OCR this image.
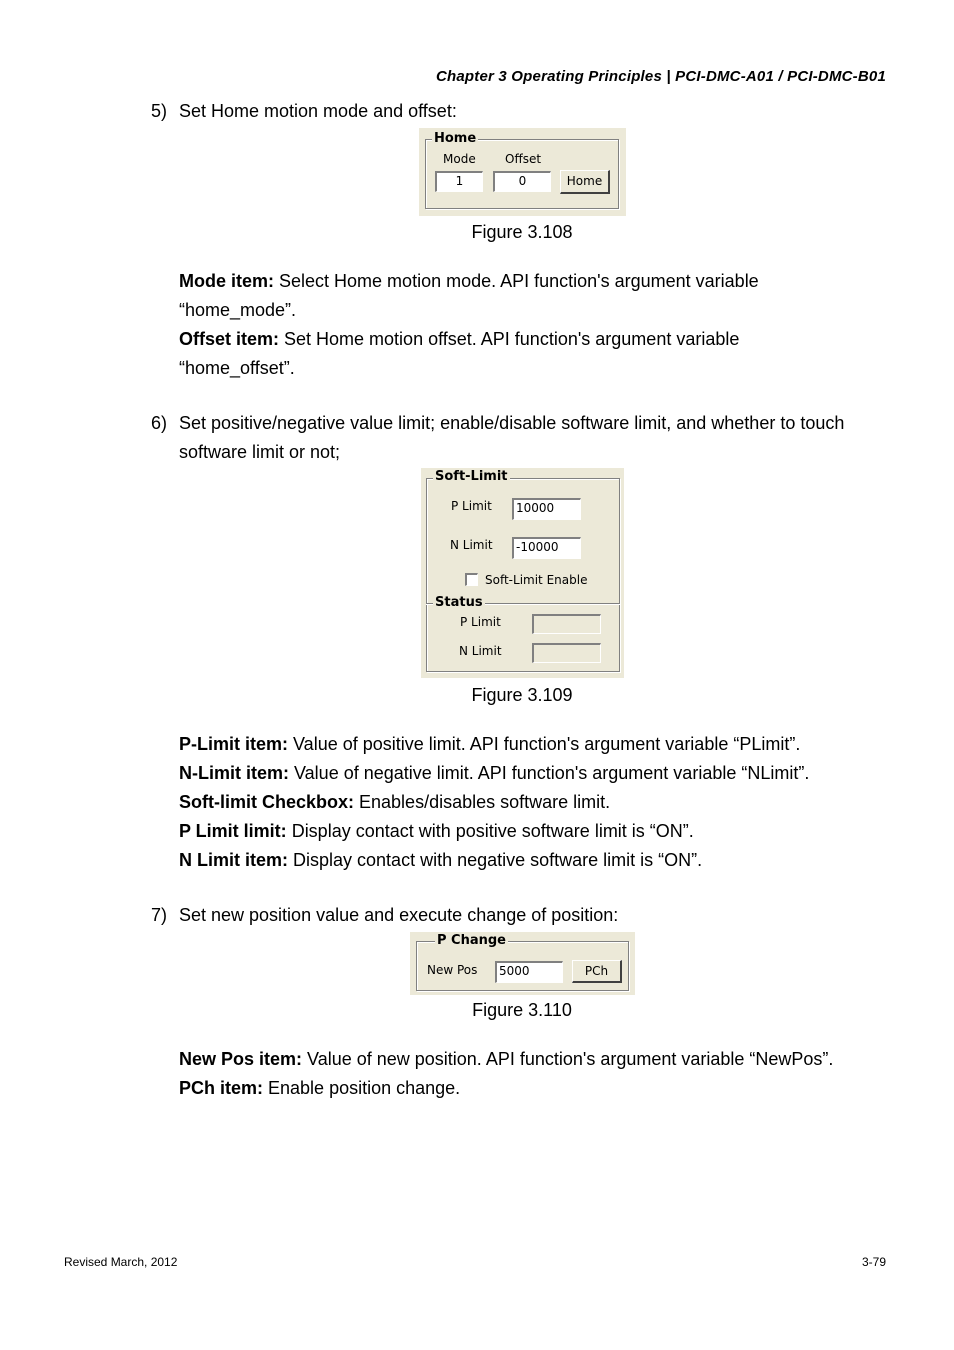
Chapter 3 Operating Principles | PCI-DMC-A01 / PCI-DMC-B01
5) Set Home motion mode and offset:
Home
Mode Offset
1	0	Home
Figure 3.108
Mode item: Select Home motion mode. API function's argument variable
“home_mode”.
Offset item: Set Home motion offset. API function's argument variable
“home_offset”.
6) Set positive/negative value limit; enable/disable software limit, and whether to touch software limit or not;
Soft-Limit
P Limit	10000
N Limit	-10000
Soft-Limit Enable
Status
P Limit
N Limit
Figure 3.109
P-Limit item: Value of positive limit. API function's argument variable “PLimit”.
N-Limit item: Value of negative limit. API function's argument variable “NLimit”.
Soft-limit Checkbox: Enables/disables software limit.
P Limit limit: Display contact with positive software limit is “ON”.
N Limit item: Display contact with negative software limit is “ON”.
7) Set new position value and execute change of position:
P Change
New Pos	5000	PCh
Figure 3.110
New Pos item: Value of new position. API function's argument variable “NewPos”.
PCh item: Enable position change.
Revised March, 2012	3-79
